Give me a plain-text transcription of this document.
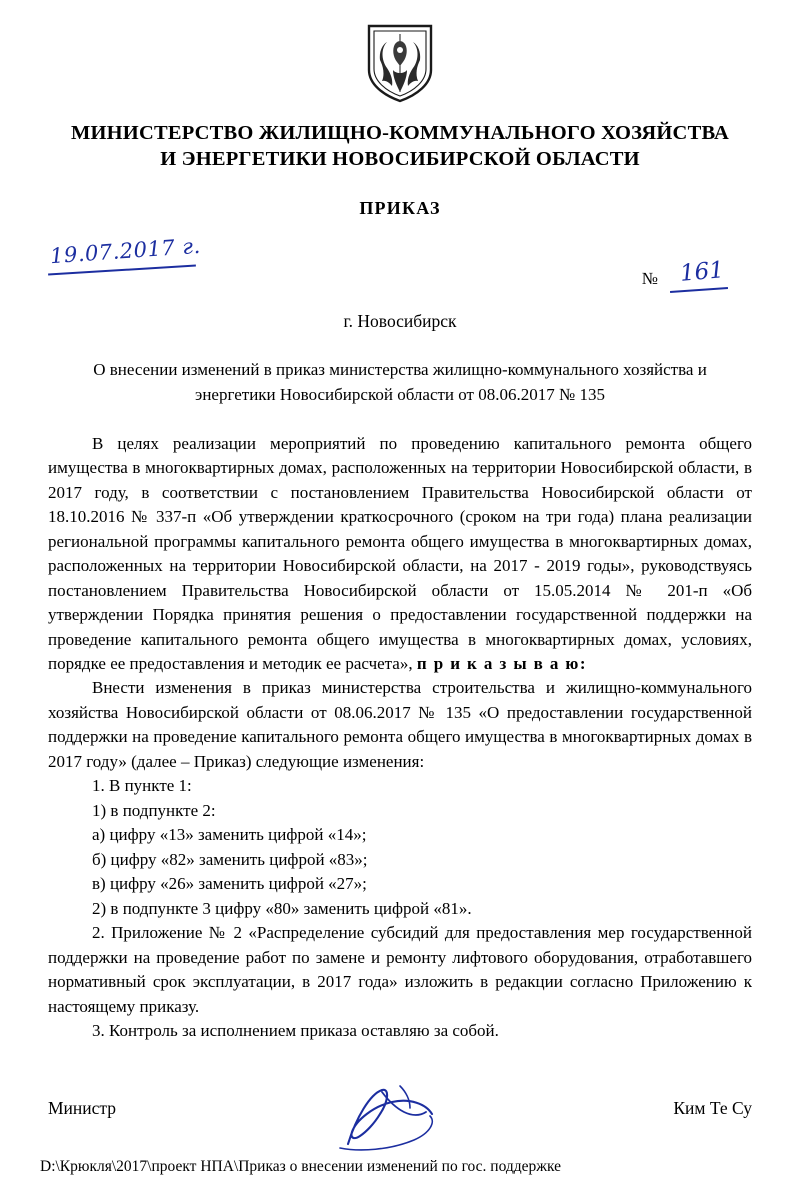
МИНИСТЕРСТВО ЖИЛИЩНО-КОММУНАЛЬНОГО ХОЗЯЙСТВА
И ЭНЕРГЕТИКИ НОВОСИБИРСКОЙ ОБЛАСТИ
ПРИКАЗ
19.07.2017 г.
№ 161
г. Новосибирск
О внесении изменений в приказ министерства жилищно-коммунального хозяйства и энергетики Новосибирской области от 08.06.2017 № 135

В целях реализации мероприятий по проведению капитального ремонта общего имущества в многоквартирных домах, расположенных на территории Новосибирской области, в 2017 году, в соответствии с постановлением Правительства Новосибирской области от 18.10.2016 № 337-п «Об утверждении краткосрочного (сроком на три года) плана реализации региональной программы капитального ремонта общего имущества в многоквартирных домах, расположенных на территории Новосибирской области, на 2017 - 2019 годы», руководствуясь постановлением Правительства Новосибирской области от 15.05.2014 № 201-п «Об утверждении Порядка принятия решения о предоставлении государственной поддержки на проведение капитального ремонта общего имущества в многоквартирных домах, условиях, порядке ее предоставления и методик ее расчета», п р и к а з ы в а ю:

Внести изменения в приказ министерства строительства и жилищно-коммунального хозяйства Новосибирской области от 08.06.2017 № 135 «О предоставлении государственной поддержки на проведение капитального ремонта общего имущества в многоквартирных домах в 2017 году» (далее – Приказ) следующие изменения:

1. В пункте 1:

1) в подпункте 2:

а) цифру «13» заменить цифрой «14»;

б) цифру «82» заменить цифрой «83»;

в) цифру «26» заменить цифрой «27»;

2) в подпункте 3 цифру «80» заменить цифрой «81».

2. Приложение № 2 «Распределение субсидий для предоставления мер государственной поддержки на проведение работ по замене и ремонту лифтового оборудования, отработавшего нормативный срок эксплуатации, в 2017 года» изложить в редакции согласно Приложению к настоящему приказу.

3. Контроль за исполнением приказа оставляю за собой.

Министр	Ким Те Су
D:\Крюкля\2017\проект НПА\Приказ о внесении изменений по гос. поддержке
